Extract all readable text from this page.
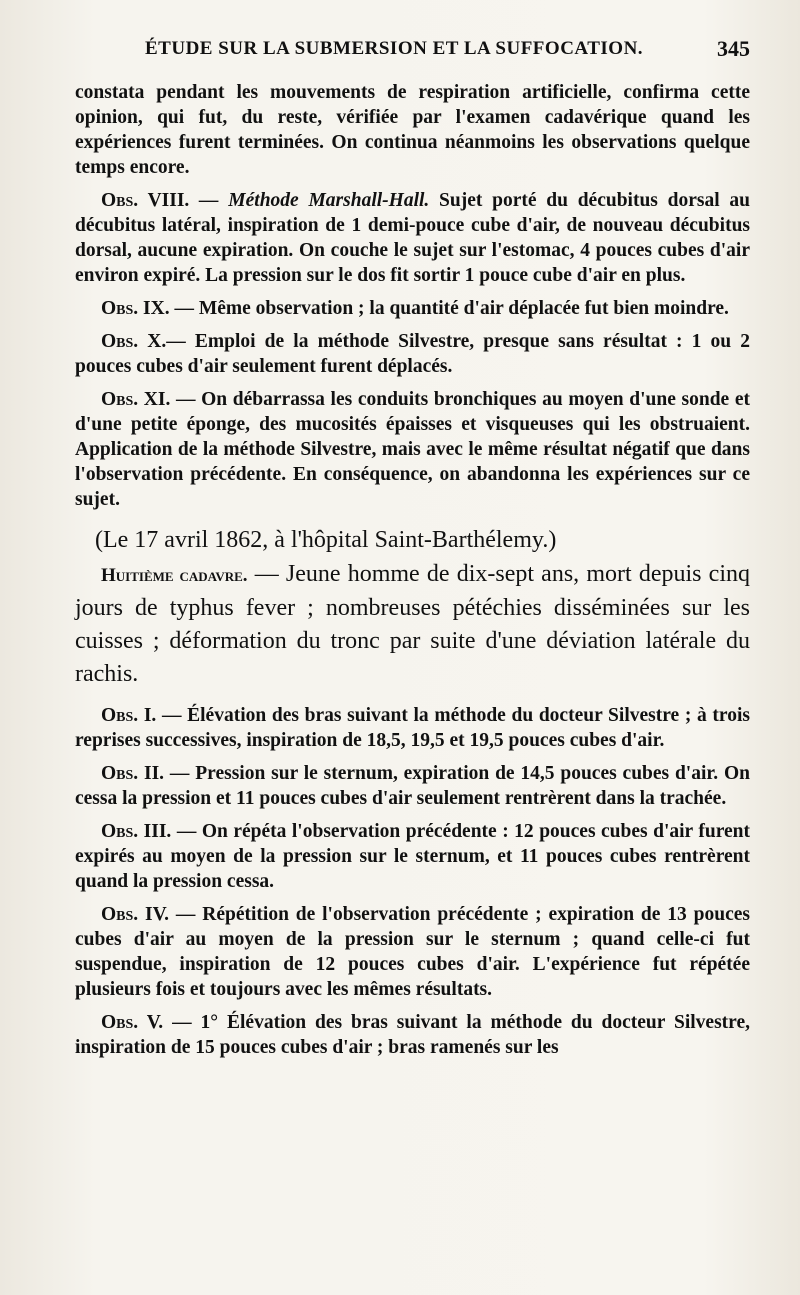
ÉTUDE SUR LA SUBMERSION ET LA SUFFOCATION.	345

constata pendant les mouvements de respiration artificielle, confirma cette opinion, qui fut, du reste, vérifiée par l'examen cadavérique quand les expériences furent terminées. On continua néanmoins les observations quelque temps encore.

Obs. VIII. — Méthode Marshall-Hall. Sujet porté du décubitus dorsal au décubitus latéral, inspiration de 1 demi-pouce cube d'air, de nouveau décubitus dorsal, aucune expiration. On couche le sujet sur l'estomac, 4 pouces cubes d'air environ expiré. La pression sur le dos fit sortir 1 pouce cube d'air en plus.

Obs. IX. — Même observation ; la quantité d'air déplacée fut bien moindre.

Obs. X.— Emploi de la méthode Silvestre, presque sans résultat : 1 ou 2 pouces cubes d'air seulement furent déplacés.

Obs. XI. — On débarrassa les conduits bronchiques au moyen d'une sonde et d'une petite éponge, des mucosités épaisses et visqueuses qui les obstruaient. Application de la méthode Silvestre, mais avec le même résultat négatif que dans l'observation précédente. En conséquence, on abandonna les expériences sur ce sujet.

(Le 17 avril 1862, à l'hôpital Saint-Barthélemy.)

Huitième cadavre. — Jeune homme de dix-sept ans, mort depuis cinq jours de typhus fever ; nombreuses pétéchies disséminées sur les cuisses ; déformation du tronc par suite d'une déviation latérale du rachis.

Obs. I. — Élévation des bras suivant la méthode du docteur Silvestre ; à trois reprises successives, inspiration de 18,5, 19,5 et 19,5 pouces cubes d'air.

Obs. II. — Pression sur le sternum, expiration de 14,5 pouces cubes d'air. On cessa la pression et 11 pouces cubes d'air seulement rentrèrent dans la trachée.

Obs. III. — On répéta l'observation précédente : 12 pouces cubes d'air furent expirés au moyen de la pression sur le sternum, et 11 pouces cubes rentrèrent quand la pression cessa.

Obs. IV. — Répétition de l'observation précédente ; expiration de 13 pouces cubes d'air au moyen de la pression sur le sternum ; quand celle-ci fut suspendue, inspiration de 12 pouces cubes d'air. L'expérience fut répétée plusieurs fois et toujours avec les mêmes résultats.

Obs. V. — 1° Élévation des bras suivant la méthode du docteur Silvestre, inspiration de 15 pouces cubes d'air ; bras ramenés sur les
